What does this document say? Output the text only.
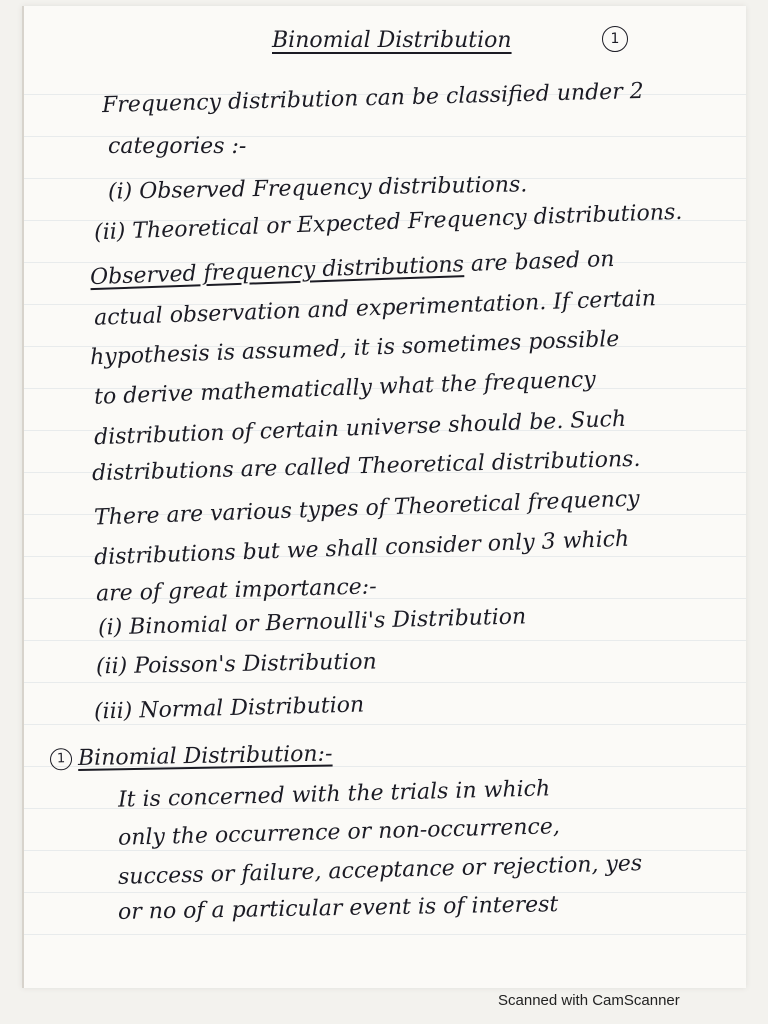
Binomial Distribution	1
Frequency distribution can be classified under 2
categories :-
(i) Observed Frequency distributions.
(ii) Theoretical or Expected Frequency distributions.
Observed frequency distributions are based on
actual observation and experimentation. If certain
hypothesis is assumed, it is sometimes possible
to derive mathematically what the frequency
distribution of certain universe should be. Such
distributions are called Theoretical distributions.
There are various types of Theoretical frequency
distributions but we shall consider only 3 which
are of great importance:-
(i) Binomial or Bernoulli's Distribution
(ii) Poisson's Distribution
(iii) Normal Distribution
1 Binomial Distribution:-
It is concerned with the trials in which
only the occurrence or non-occurrence,
success or failure, acceptance or rejection, yes
or no of a particular event is of interest
Scanned with CamScanner
